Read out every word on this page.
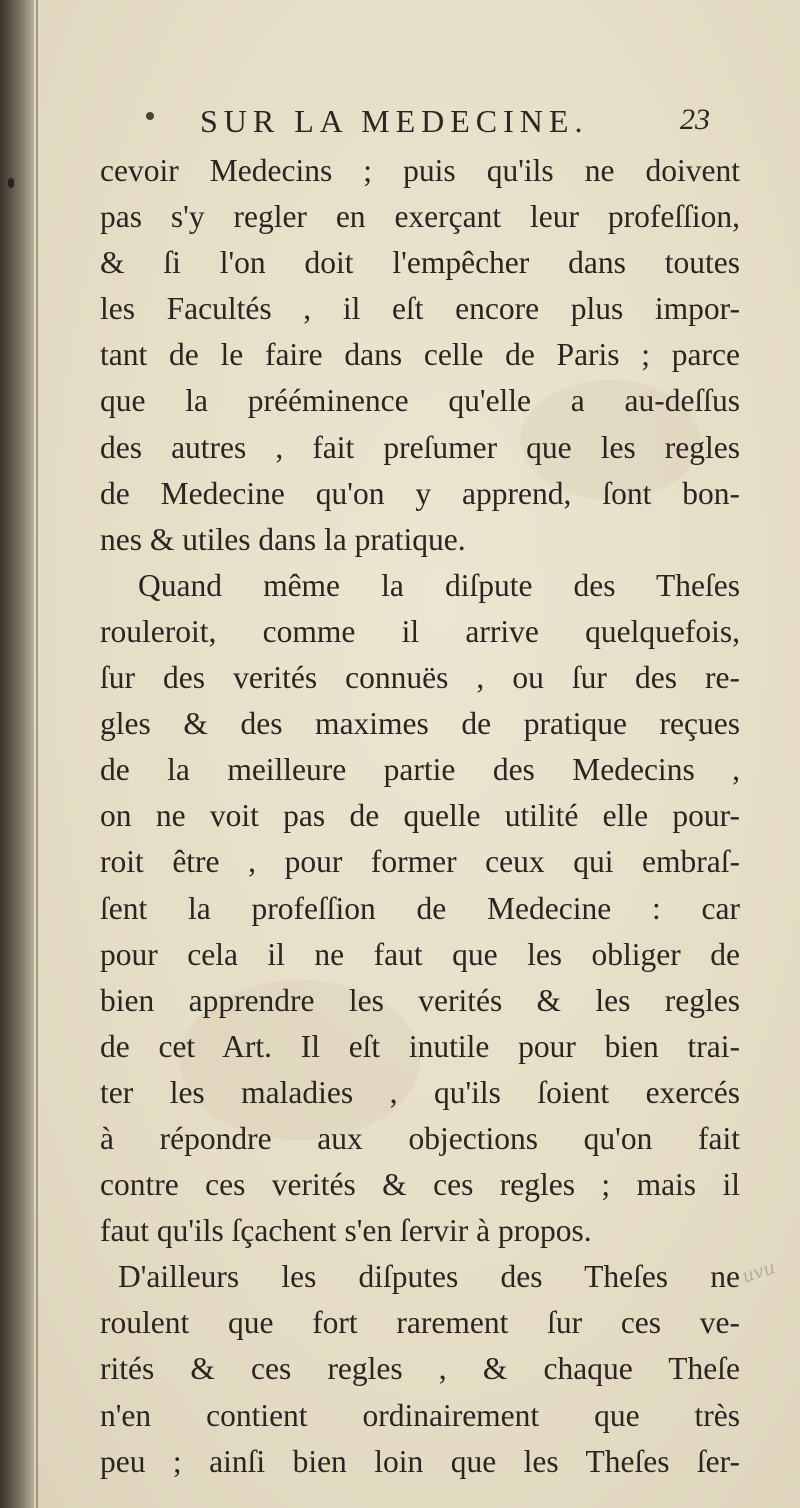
SUR LA MEDECINE.	23
cevoir Medecins ; puis qu'ils ne doivent
pas s'y regler en exerçant leur profeſſion,
& ſi l'on doit l'empêcher dans toutes
les Facultés , il eſt encore plus impor-
tant de le faire dans celle de Paris ; parce
que la prééminence qu'elle a au-deſſus
des autres , fait preſumer que les regles
de Medecine qu'on y apprend, ſont bon-
nes & utiles dans la pratique.
Quand même la diſpute des Theſes
rouleroit, comme il arrive quelquefois,
ſur des verités connuës , ou ſur des re-
gles & des maximes de pratique reçues
de la meilleure partie des Medecins ,
on ne voit pas de quelle utilité elle pour-
roit être , pour former ceux qui embraſ-
ſent la profeſſion de Medecine : car
pour cela il ne faut que les obliger de
bien apprendre les verités & les regles
de cet Art. Il eſt inutile pour bien trai-
ter les maladies , qu'ils ſoient exercés
à répondre aux objections qu'on fait
contre ces verités & ces regles ; mais il
faut qu'ils ſçachent s'en ſervir à propos.
D'ailleurs les diſputes des Theſes ne
roulent que fort rarement ſur ces ve-
rités & ces regles , & chaque Theſe
n'en contient ordinairement que très
peu ; ainſi bien loin que les Theſes ſer-
uvu
